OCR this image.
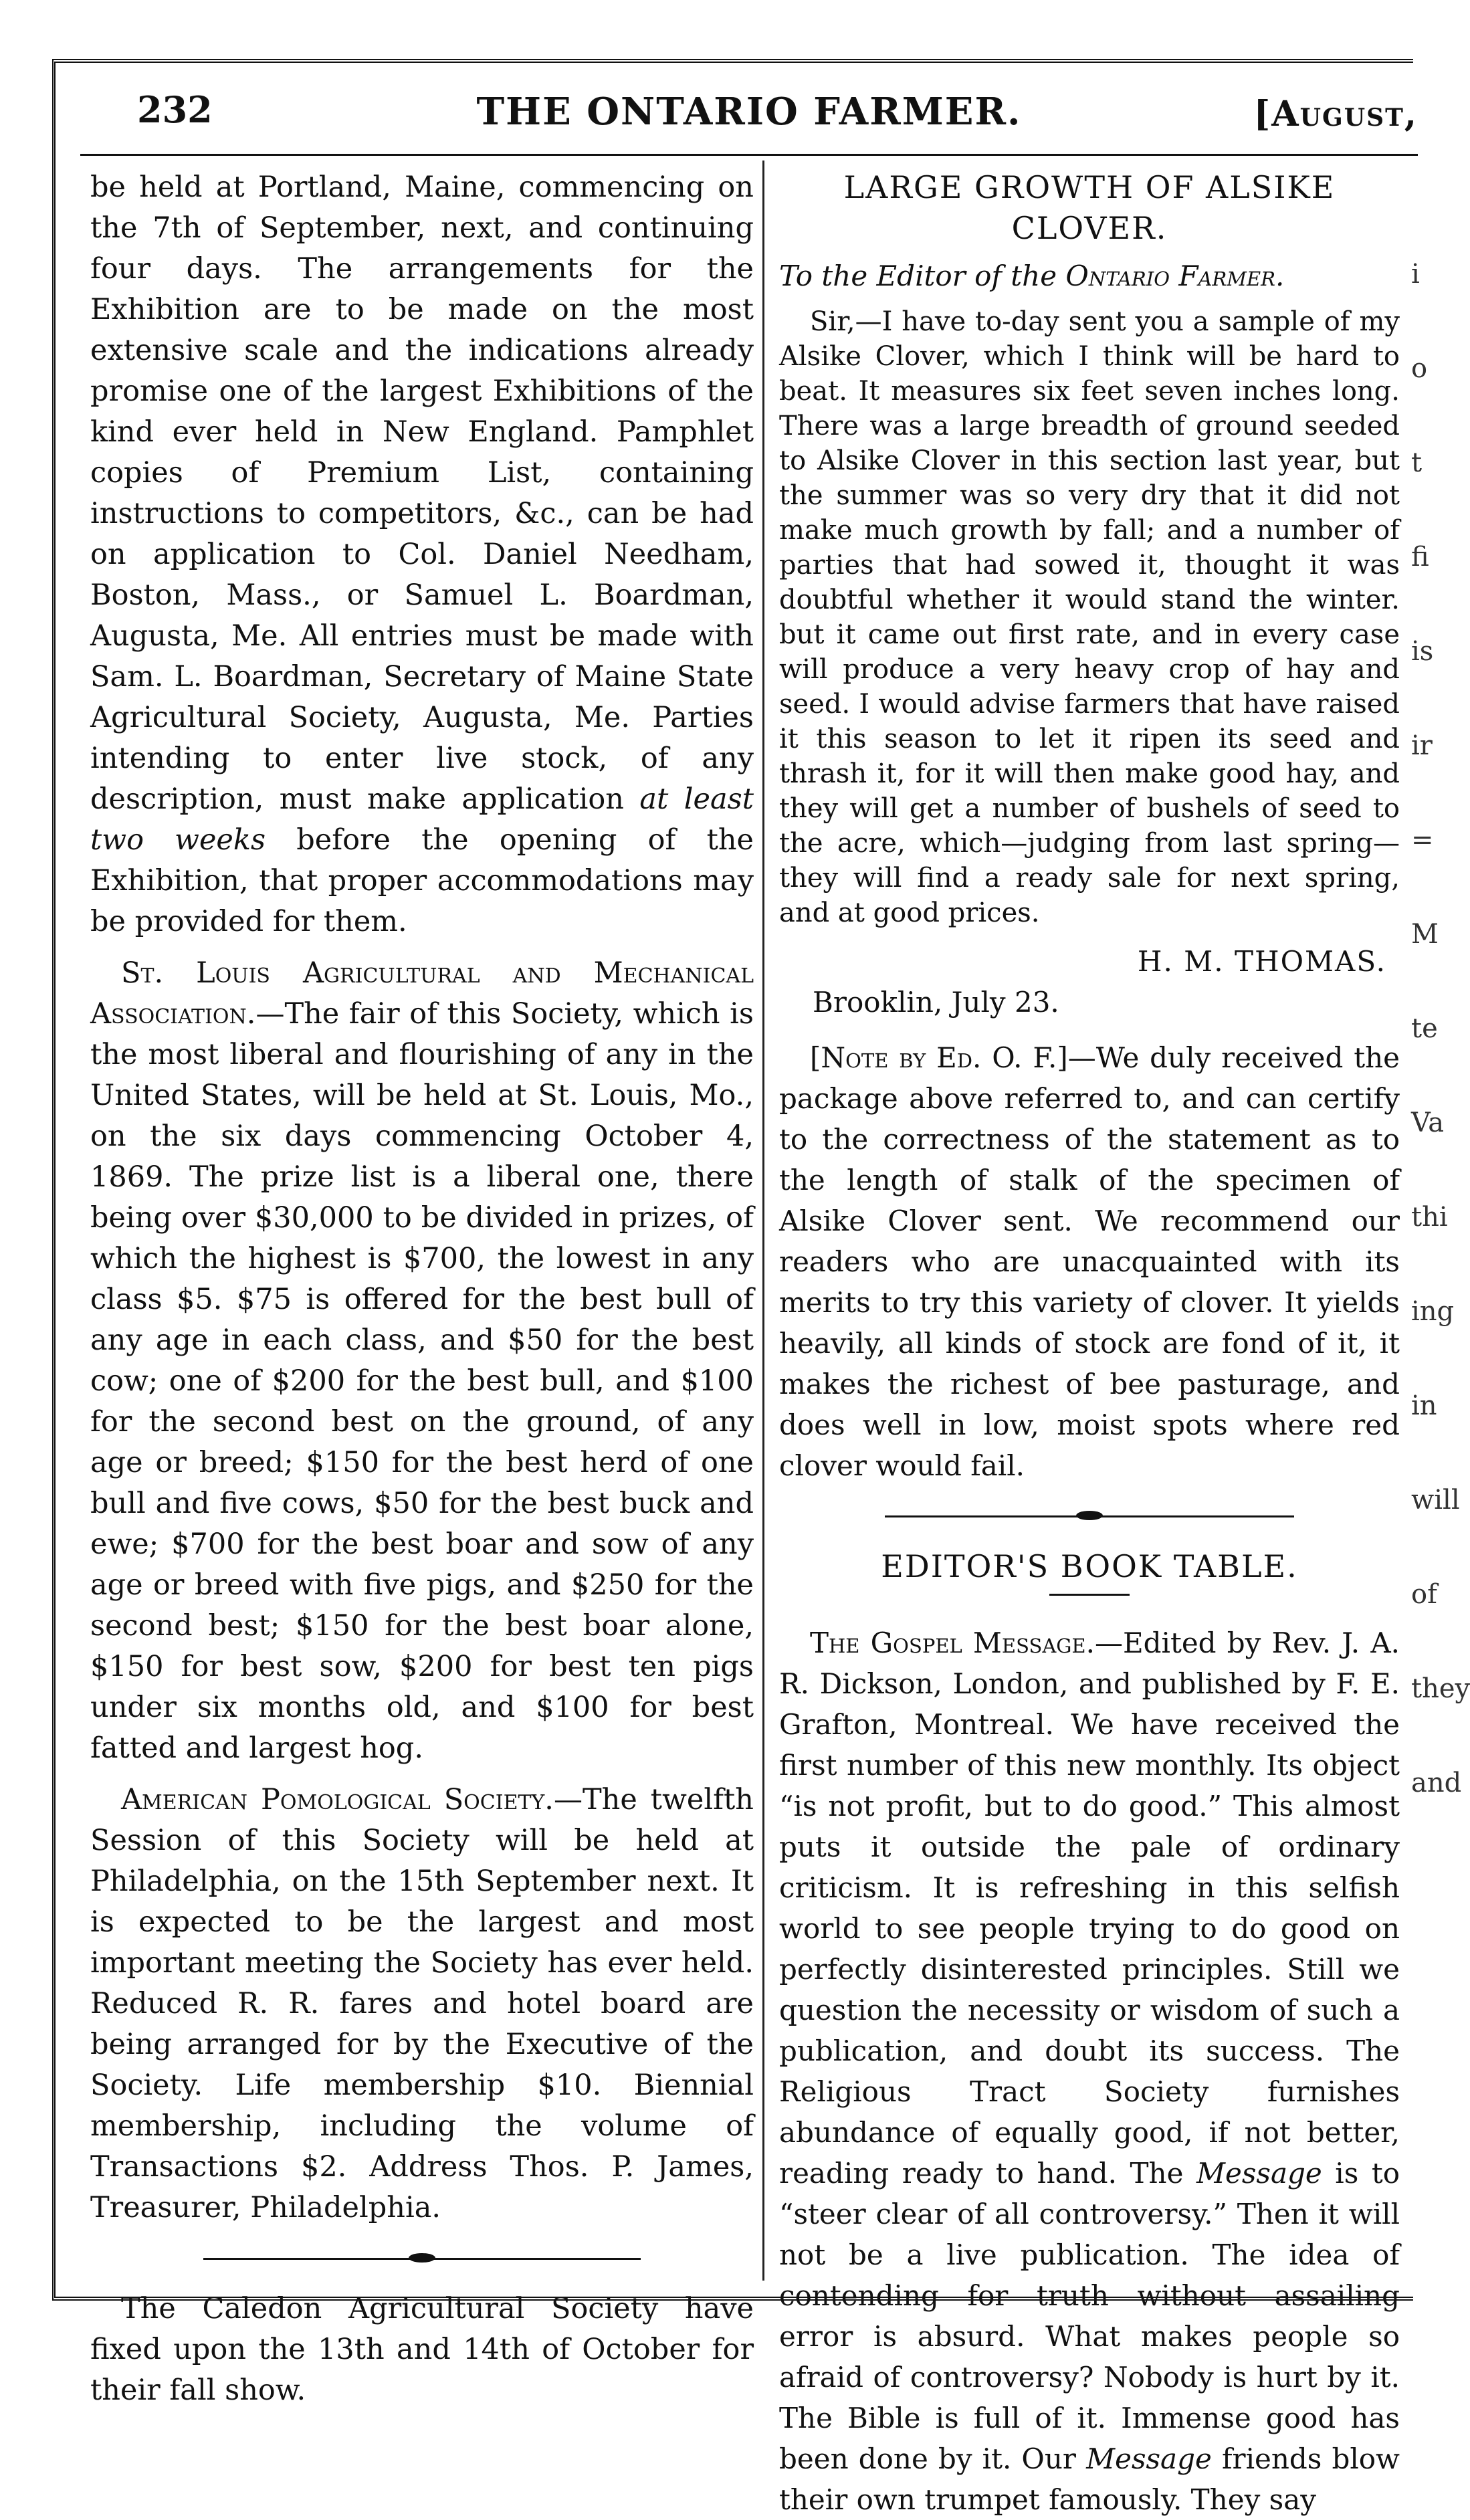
232	THE ONTARIO FARMER.	[August,

be held at Portland, Maine, commencing on the 7th of September, next, and continuing four days. The arrangements for the Exhibition are to be made on the most extensive scale and the indications already promise one of the largest Exhibitions of the kind ever held in New England. Pamphlet copies of Premium List, containing instructions to competitors, &c., can be had on application to Col. Daniel Needham, Boston, Mass., or Samuel L. Boardman, Augusta, Me. All entries must be made with Sam. L. Boardman, Secretary of Maine State Agricultural Society, Augusta, Me. Parties intending to enter live stock, of any description, must make application at least two weeks before the opening of the Exhibition, that proper accommodations may be provided for them.

St. Louis Agricultural and Mechanical Association.—The fair of this Society, which is the most liberal and flourishing of any in the United States, will be held at St. Louis, Mo., on the six days commencing October 4, 1869. The prize list is a liberal one, there being over $30,000 to be divided in prizes, of which the highest is $700, the lowest in any class $5. $75 is offered for the best bull of any age in each class, and $50 for the best cow; one of $200 for the best bull, and $100 for the second best on the ground, of any age or breed; $150 for the best herd of one bull and five cows, $50 for the best buck and ewe; $700 for the best boar and sow of any age or breed with five pigs, and $250 for the second best; $150 for the best boar alone, $150 for best sow, $200 for best ten pigs under six months old, and $100 for best fatted and largest hog.

American Pomological Society.—The twelfth Session of this Society will be held at Philadelphia, on the 15th September next. It is expected to be the largest and most important meeting the Society has ever held. Reduced R. R. fares and hotel board are being arranged for by the Executive of the Society. Life membership $10. Biennial membership, including the volume of Transactions $2. Address Thos. P. James, Treasurer, Philadelphia.

The Caledon Agricultural Society have fixed upon the 13th and 14th of October for their fall show.

LARGE GROWTH OF ALSIKE CLOVER.

To the Editor of the Ontario Farmer.

Sir,—I have to-day sent you a sample of my Alsike Clover, which I think will be hard to beat. It measures six feet seven inches long. There was a large breadth of ground seeded to Alsike Clover in this section last year, but the summer was so very dry that it did not make much growth by fall; and a number of parties that had sowed it, thought it was doubtful whether it would stand the winter. but it came out first rate, and in every case will produce a very heavy crop of hay and seed. I would advise farmers that have raised it this season to let it ripen its seed and thrash it, for it will then make good hay, and they will get a number of bushels of seed to the acre, which—judging from last spring—they will find a ready sale for next spring, and at good prices.

H. M. THOMAS.

Brooklin, July 23.

[Note by Ed. O. F.]—We duly received the package above referred to, and can certify to the correctness of the statement as to the length of stalk of the specimen of Alsike Clover sent. We recommend our readers who are unacquainted with its merits to try this variety of clover. It yields heavily, all kinds of stock are fond of it, it makes the richest of bee pasturage, and does well in low, moist spots where red clover would fail.

EDITOR'S BOOK TABLE.

The Gospel Message.—Edited by Rev. J. A. R. Dickson, London, and published by F. E. Grafton, Montreal. We have received the first number of this new monthly. Its object “is not profit, but to do good.” This almost puts it outside the pale of ordinary criticism. It is refreshing in this selfish world to see people trying to do good on perfectly disinterested principles. Still we question the necessity or wisdom of such a publication, and doubt its success. The Religious Tract Society furnishes abundance of equally good, if not better, reading ready to hand. The Message is to “steer clear of all controversy.” Then it will not be a live publication. The idea of contending for truth without assailing error is absurd. What makes people so afraid of controversy? Nobody is hurt by it. The Bible is full of it. Immense good has been done by it. Our Message friends blow their own trumpet famously. They say

i
o
t
fi
is
ir
=
M
te
Va
thi
ing
in
will
of
they
and
